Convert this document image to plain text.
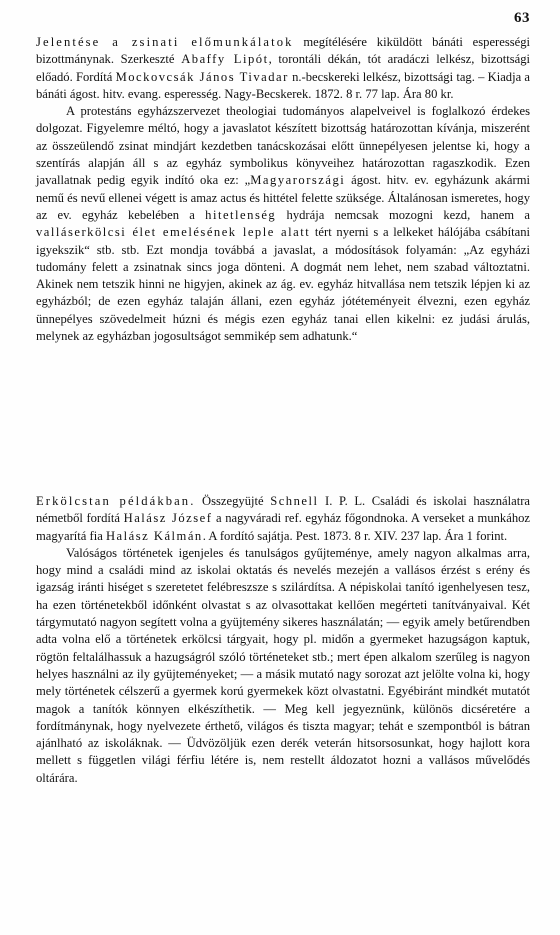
63

Jelentése a zsinati előmunkálatok megítélésére kiküldött bánáti esperességi bizottmánynak. Szerkeszté Abaffy Lipót, torontáli dékán, tót aradáczi lelkész, bizottsági előadó. Fordítá Mockovcsák János Tivadar n.-becskereki lelkész, bizottsági tag. – Kiadja a bánáti ágost. hitv. evang. esperesség. Nagy-Becskerek. 1872. 8 r. 77 lap. Ára 80 kr.

A protestáns egyházszervezet theologiai tudományos alapelveivel is foglalkozó érdekes dolgozat. Figyelemre méltó, hogy a javaslatot készített bizottság határozottan kívánja, miszerént az összeülendő zsinat mindjárt kezdetben tanácskozásai előtt ünnepélyesen jelentse ki, hogy a szentírás alapján áll s az egyház symbolikus könyveihez határozottan ragaszkodik. Ezen javallatnak pedig egyik indító oka ez: „Magyarországi ágost. hitv. ev. egyházunk akármi nemű és nevű ellenei végett is amaz actus és hittétel felette szüksége. Általánosan ismeretes, hogy az ev. egyház kebelében a hitetlenség hydrája nemcsak mozogni kezd, hanem a valláserkölcsi élet emelésének leple alatt tért nyerni s a lelkeket hálójába csábítani igyekszik“ stb. stb. Ezt mondja továbbá a javaslat, a módosítások folyamán: „Az egyházi tudomány felett a zsinatnak sincs joga dönteni. A dogmát nem lehet, nem szabad változtatni. Akinek nem tetszik hinni ne higyjen, akinek az ág. ev. egyház hitvallása nem tetszik lépjen ki az egyházból; de ezen egyház talaján állani, ezen egyház jótéteményeit élvezni, ezen egyház ünnepélyes szövedelmeit húzni és mégis ezen egyház tanai ellen kikelni: ez judási árulás, melynek az egyházban jogosultságot semmikép sem adhatunk.“

Erkölcstan példákban. Összegyüjté Schnell I. P. L. Családi és iskolai használatra németből fordítá Halász József a nagyváradi ref. egyház főgondnoka. A verseket a munkához magyarítá fia Halász Kálmán. A fordító sajátja. Pest. 1873. 8 r. XIV. 237 lap. Ára 1 forint.

Valóságos történetek igenjeles és tanulságos gyűjteménye, amely nagyon alkalmas arra, hogy mind a családi mind az iskolai oktatás és nevelés mezején a vallásos érzést s erény és igazság iránti hiséget s szeretetet felébreszsze s szilárdítsa. A népiskolai tanító igenhelyesen tesz, ha ezen történetekből időnként olvastat s az olvasottakat kellően megérteti tanítványaival. Két tárgymutató nagyon segített volna a gyüjtemény sikeres használatán; — egyik amely betűrendben adta volna elő a történetek erkölcsi tárgyait, hogy pl. midőn a gyermeket hazugságon kaptuk, rögtön feltalálhassuk a hazugságról szóló történeteket stb.; mert épen alkalom szerűleg is nagyon helyes használni az ily gyüjteményeket; — a másik mutató nagy sorozat azt jelölte volna ki, hogy mely történetek célszerű a gyermek korú gyermekek közt olvastatni. Egyébiránt mindkét mutatót magok a tanítók könnyen elkészíthetik. — Meg kell jegyeznünk, különös dicséretére a fordítmánynak, hogy nyelvezete érthető, világos és tiszta magyar; tehát e szempontból is bátran ajánlható az iskoláknak. — Üdvözöljük ezen derék veterán hitsorsosunkat, hogy hajlott kora mellett s független világi férfiu létére is, nem restellt áldozatot hozni a vallásos művelődés oltárára.
